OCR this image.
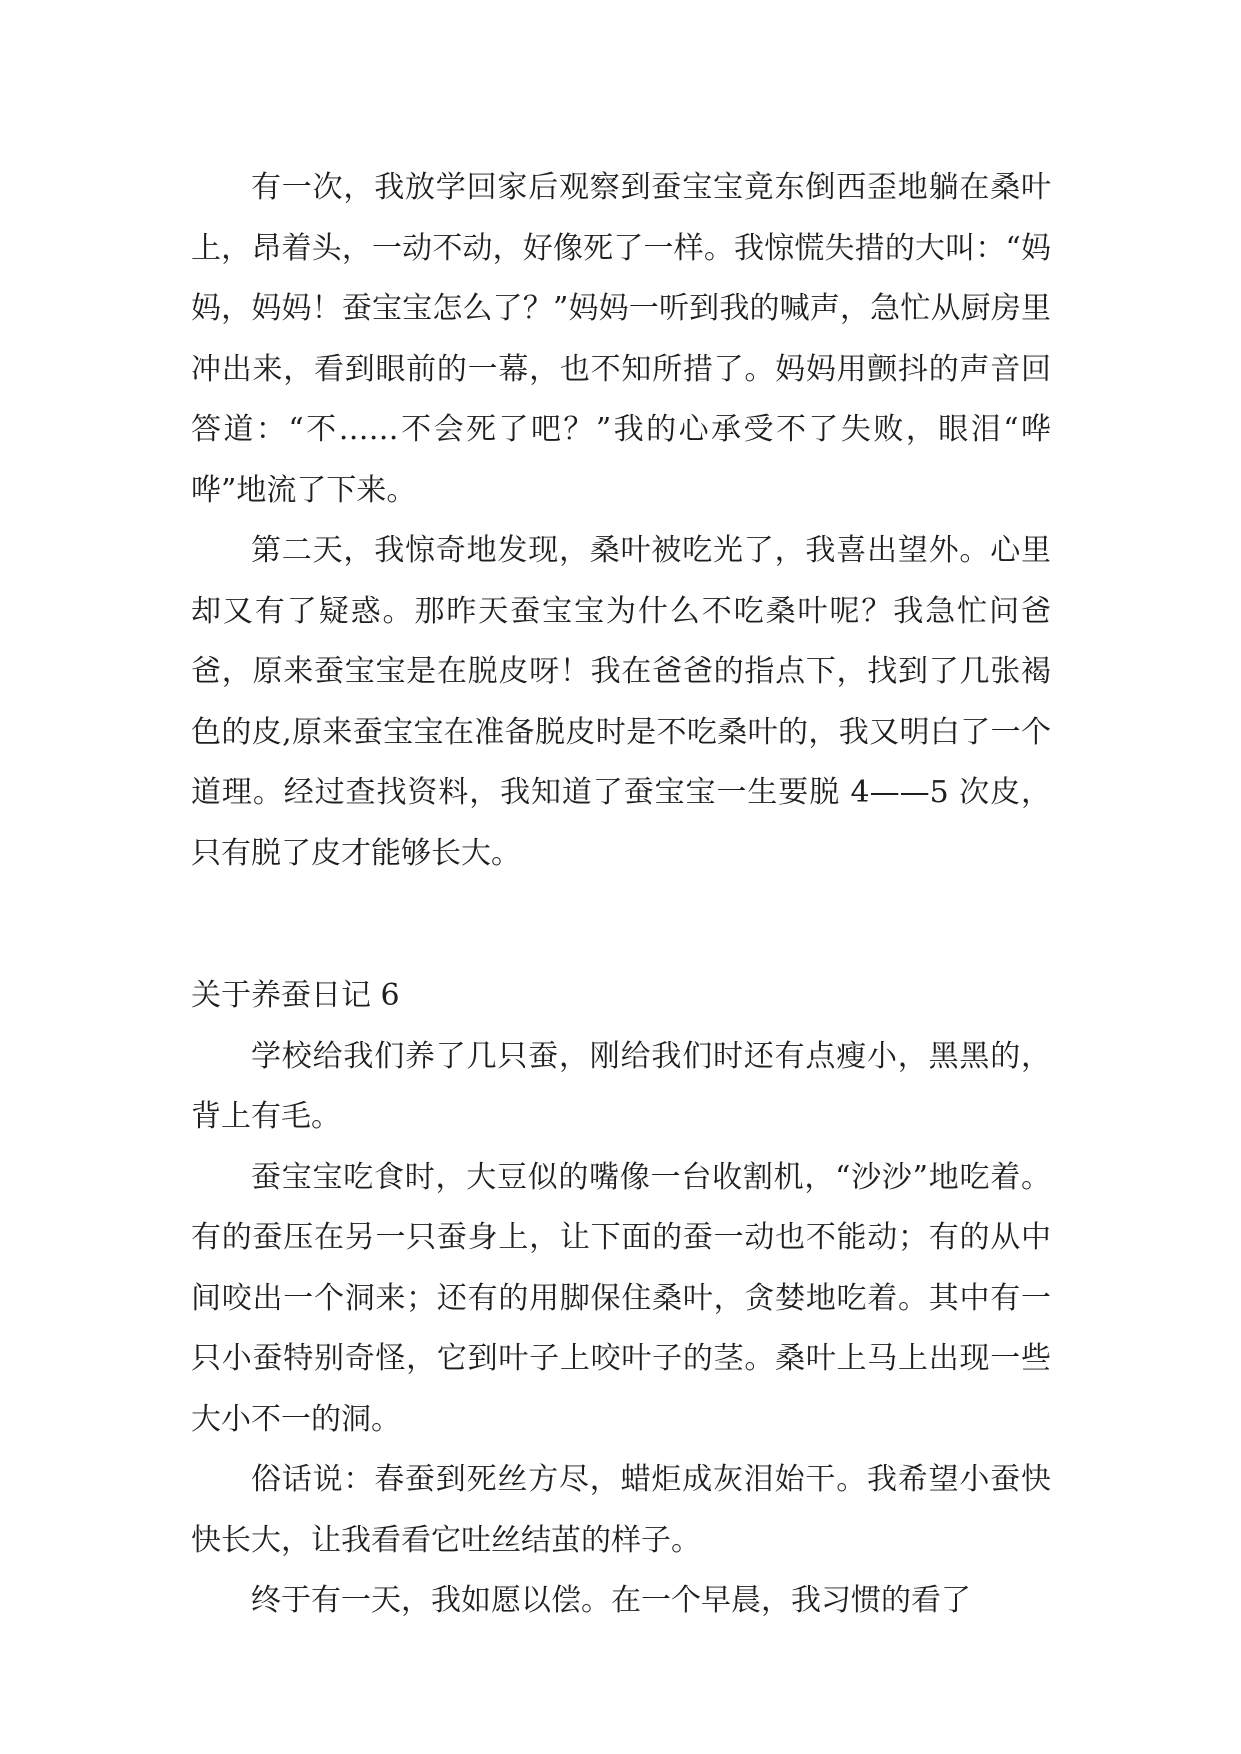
有一次，我放学回家后观察到蚕宝宝竟东倒西歪地躺在桑叶上，昂着头，一动不动，好像死了一样。我惊慌失措的大叫：“妈妈，妈妈！蚕宝宝怎么了？”妈妈一听到我的喊声，急忙从厨房里冲出来，看到眼前的一幕，也不知所措了。妈妈用颤抖的声音回答道：“不……不会死了吧？”我的心承受不了失败，眼泪“哗哗”地流了下来。

第二天，我惊奇地发现，桑叶被吃光了，我喜出望外。心里却又有了疑惑。那昨天蚕宝宝为什么不吃桑叶呢？我急忙问爸爸，原来蚕宝宝是在脱皮呀！我在爸爸的指点下，找到了几张褐色的皮,原来蚕宝宝在准备脱皮时是不吃桑叶的，我又明白了一个道理。经过查找资料，我知道了蚕宝宝一生要脱 4——5 次皮，只有脱了皮才能够长大。

关于养蚕日记 6

学校给我们养了几只蚕，刚给我们时还有点瘦小，黑黑的，背上有毛。

蚕宝宝吃食时，大豆似的嘴像一台收割机，“沙沙”地吃着。有的蚕压在另一只蚕身上，让下面的蚕一动也不能动；有的从中间咬出一个洞来；还有的用脚保住桑叶，贪婪地吃着。其中有一只小蚕特别奇怪，它到叶子上咬叶子的茎。桑叶上马上出现一些大小不一的洞。

俗话说：春蚕到死丝方尽，蜡炬成灰泪始干。我希望小蚕快快长大，让我看看它吐丝结茧的样子。

终于有一天，我如愿以偿。在一个早晨，我习惯的看了
